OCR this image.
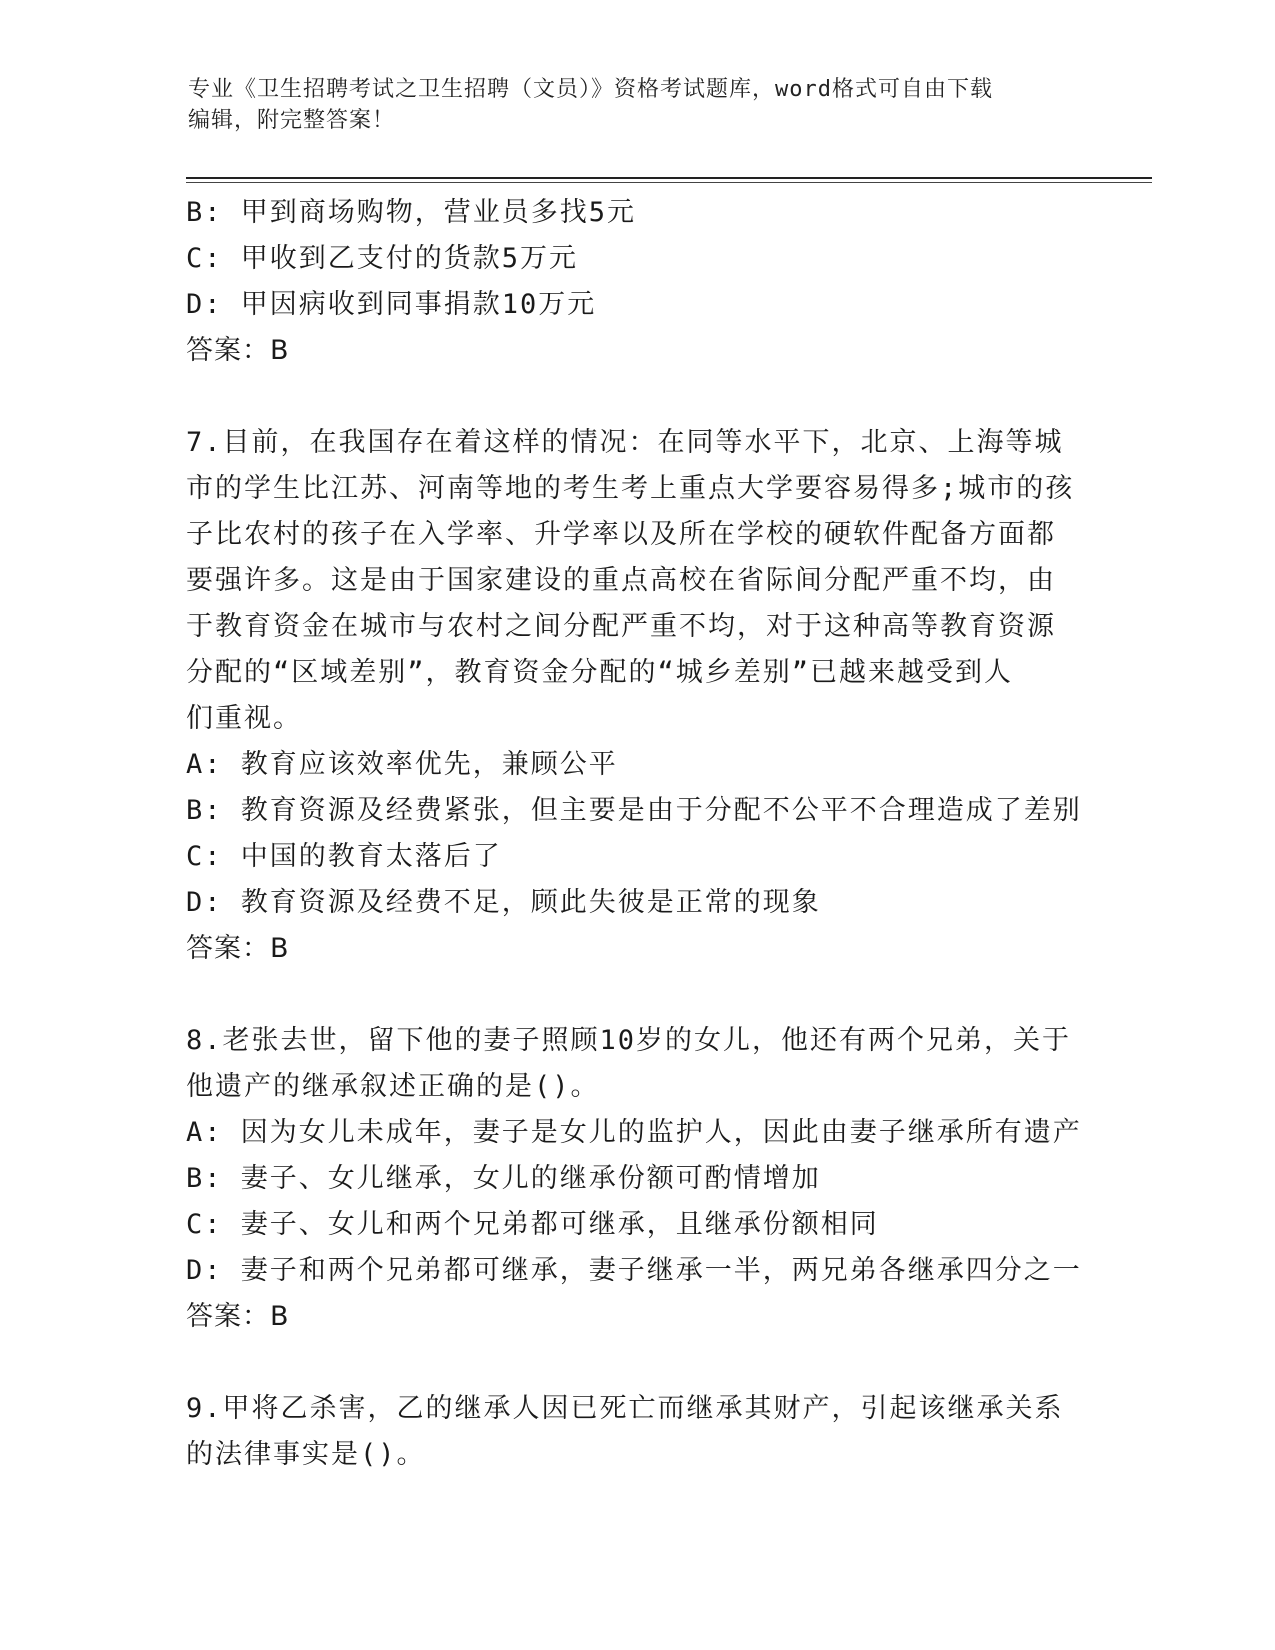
专业《卫生招聘考试之卫生招聘（文员）》资格考试题库，word格式可自由下载
编辑，附完整答案！
B: 甲到商场购物，营业员多找5元
C: 甲收到乙支付的货款5万元
D: 甲因病收到同事捐款10万元
答案：B
7.目前，在我国存在着这样的情况：在同等水平下，北京、上海等城
市的学生比江苏、河南等地的考生考上重点大学要容易得多;城市的孩
子比农村的孩子在入学率、升学率以及所在学校的硬软件配备方面都
要强许多。这是由于国家建设的重点高校在省际间分配严重不均，由
于教育资金在城市与农村之间分配严重不均，对于这种高等教育资源
分配的“区域差别”，教育资金分配的“城乡差别”已越来越受到人
们重视。
A: 教育应该效率优先，兼顾公平
B: 教育资源及经费紧张，但主要是由于分配不公平不合理造成了差别
C: 中国的教育太落后了
D: 教育资源及经费不足，顾此失彼是正常的现象
答案：B
8.老张去世，留下他的妻子照顾10岁的女儿，他还有两个兄弟，关于
他遗产的继承叙述正确的是()。
A: 因为女儿未成年，妻子是女儿的监护人，因此由妻子继承所有遗产
B: 妻子、女儿继承，女儿的继承份额可酌情增加
C: 妻子、女儿和两个兄弟都可继承，且继承份额相同
D: 妻子和两个兄弟都可继承，妻子继承一半，两兄弟各继承四分之一
答案：B
9.甲将乙杀害，乙的继承人因已死亡而继承其财产，引起该继承关系
的法律事实是()。
